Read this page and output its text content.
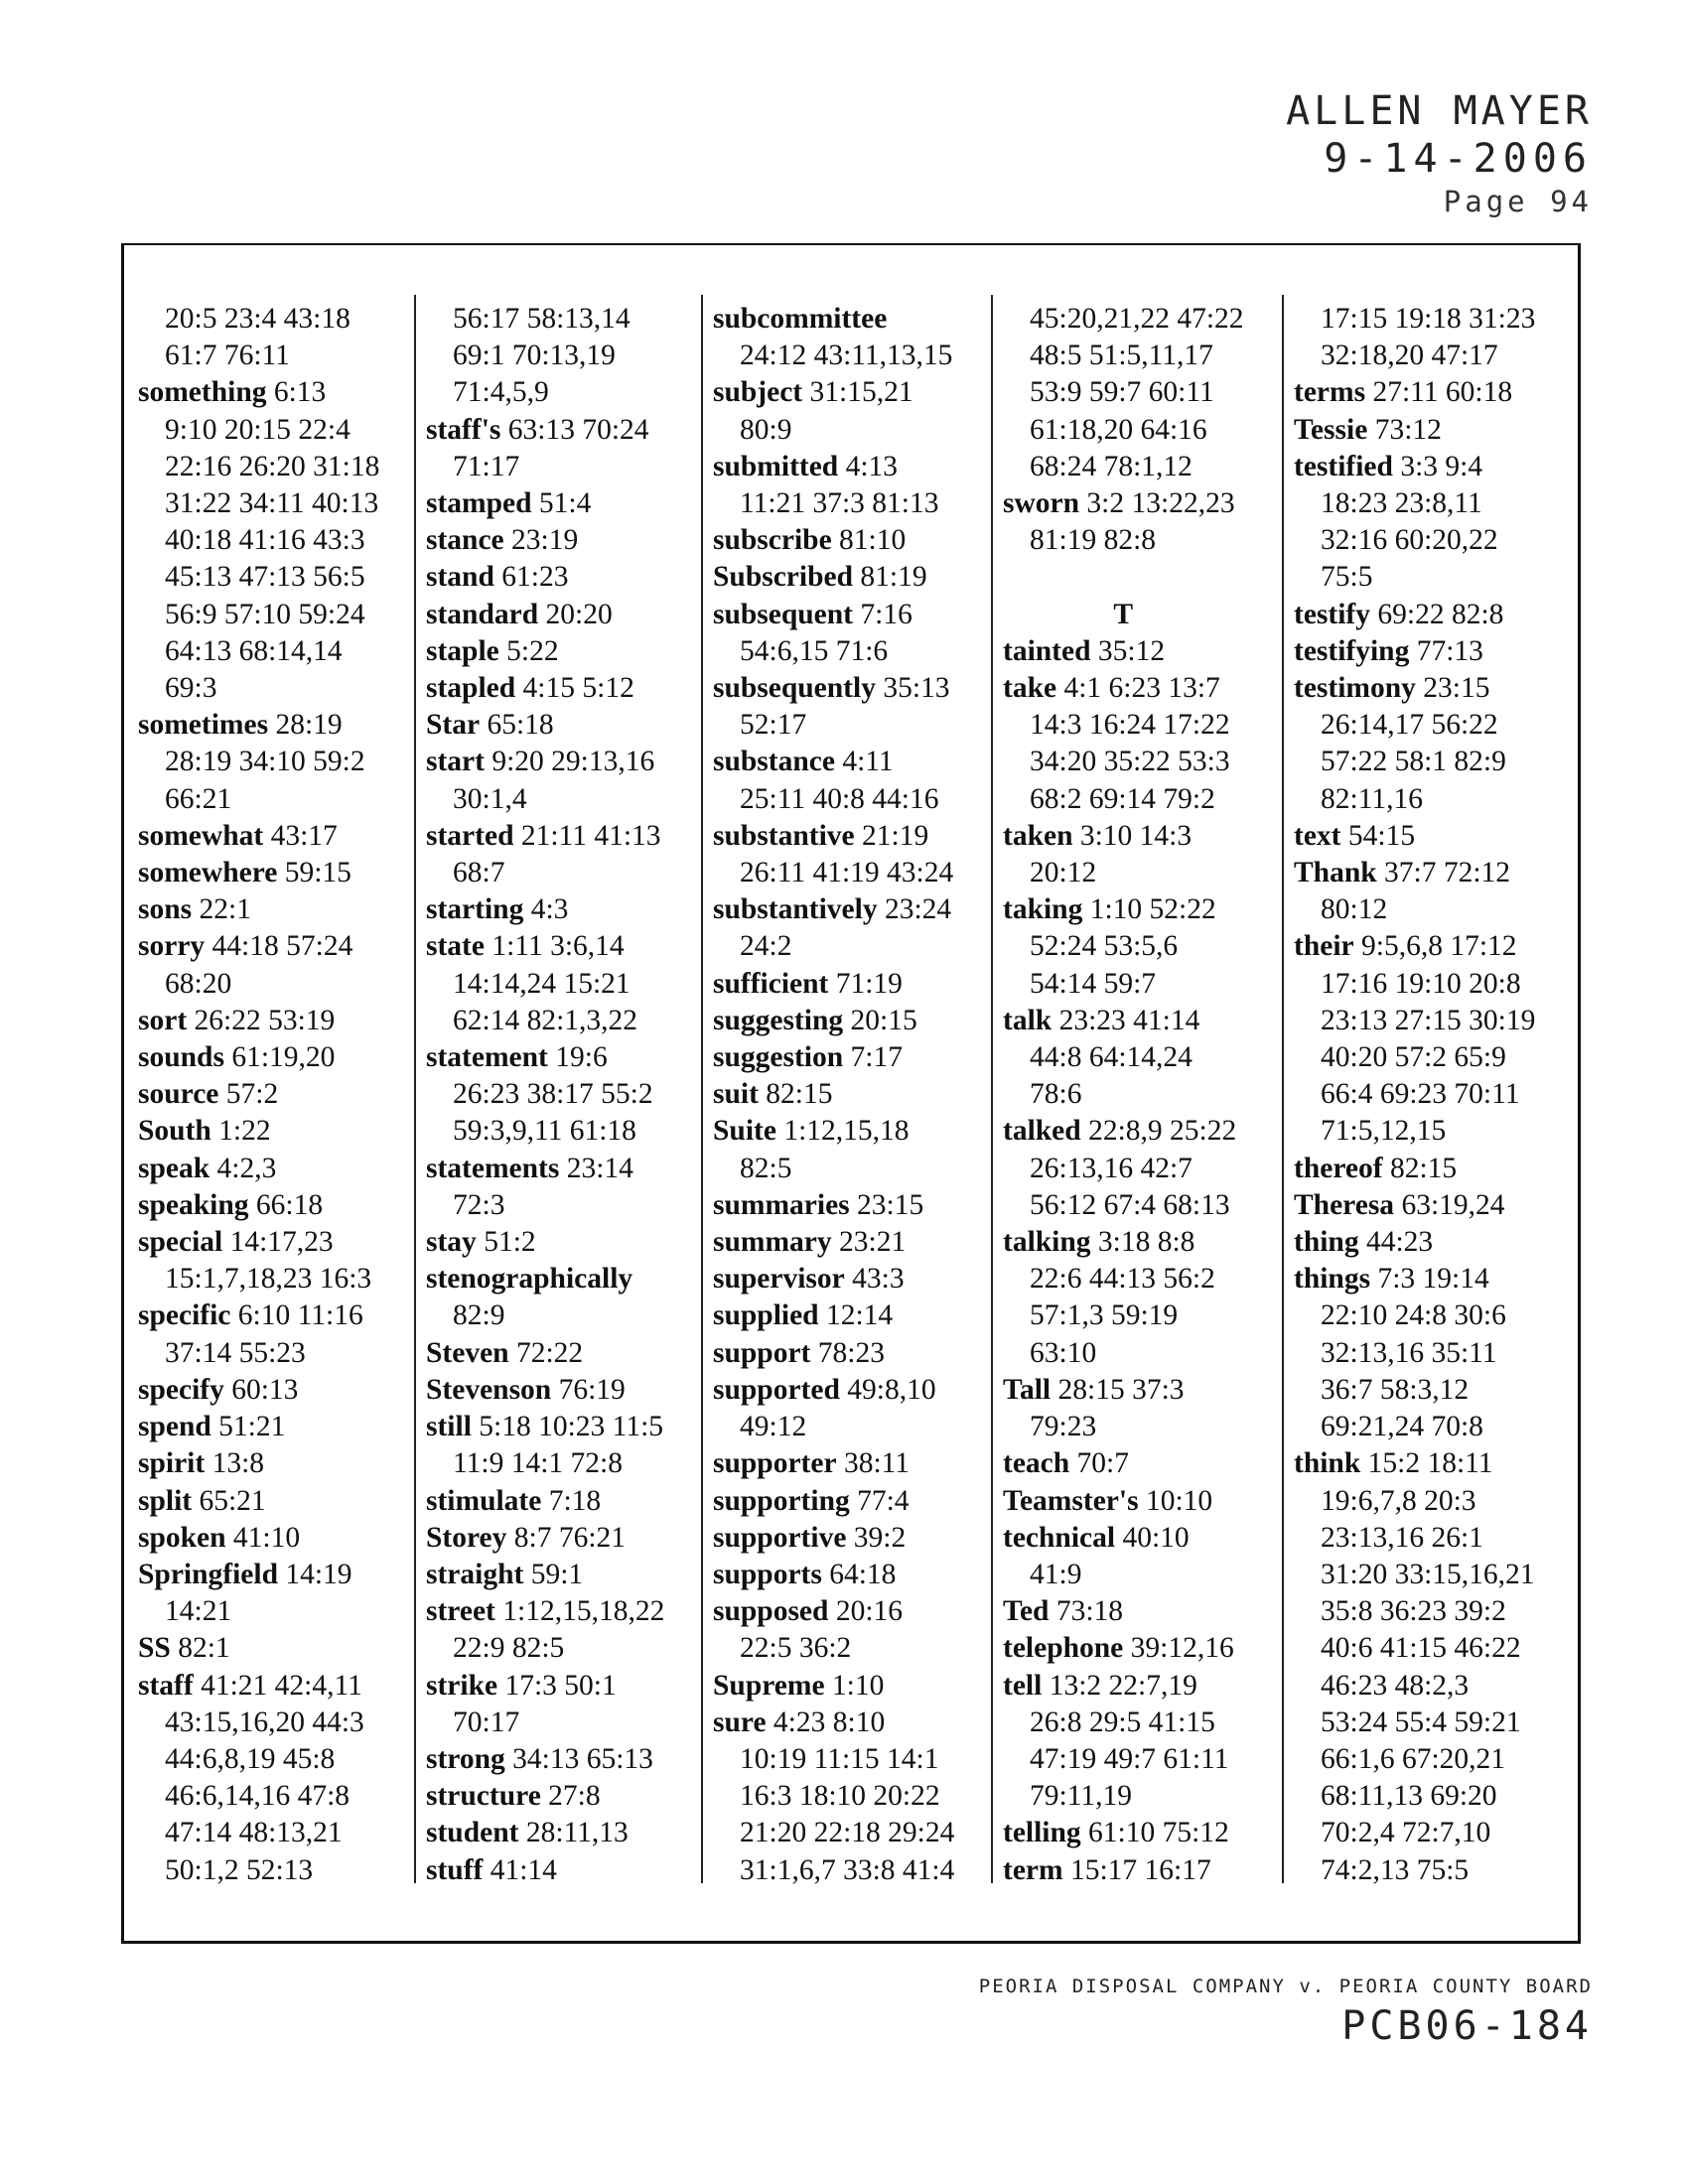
ALLEN MAYER
9-14-2006
Page 94
20:5 23:4 43:18
61:7 76:11
something 6:13
9:10 20:15 22:4
22:16 26:20 31:18
31:22 34:11 40:13
40:18 41:16 43:3
45:13 47:13 56:5
56:9 57:10 59:24
64:13 68:14,14
69:3
sometimes 28:19
28:19 34:10 59:2
66:21
somewhat 43:17
somewhere 59:15
sons 22:1
sorry 44:18 57:24
68:20
sort 26:22 53:19
sounds 61:19,20
source 57:2
South 1:22
speak 4:2,3
speaking 66:18
special 14:17,23
15:1,7,18,23 16:3
specific 6:10 11:16
37:14 55:23
specify 60:13
spend 51:21
spirit 13:8
split 65:21
spoken 41:10
Springfield 14:19
14:21
SS 82:1
staff 41:21 42:4,11
43:15,16,20 44:3
44:6,8,19 45:8
46:6,14,16 47:8
47:14 48:13,21
50:1,2 52:13
56:17 58:13,14
69:1 70:13,19
71:4,5,9
staff's 63:13 70:24
71:17
stamped 51:4
stance 23:19
stand 61:23
standard 20:20
staple 5:22
stapled 4:15 5:12
Star 65:18
start 9:20 29:13,16
30:1,4
started 21:11 41:13
68:7
starting 4:3
state 1:11 3:6,14
14:14,24 15:21
62:14 82:1,3,22
statement 19:6
26:23 38:17 55:2
59:3,9,11 61:18
statements 23:14
72:3
stay 51:2
stenographically
82:9
Steven 72:22
Stevenson 76:19
still 5:18 10:23 11:5
11:9 14:1 72:8
stimulate 7:18
Storey 8:7 76:21
straight 59:1
street 1:12,15,18,22
22:9 82:5
strike 17:3 50:1
70:17
strong 34:13 65:13
structure 27:8
student 28:11,13
stuff 41:14
subcommittee
24:12 43:11,13,15
subject 31:15,21
80:9
submitted 4:13
11:21 37:3 81:13
subscribe 81:10
Subscribed 81:19
subsequent 7:16
54:6,15 71:6
subsequently 35:13
52:17
substance 4:11
25:11 40:8 44:16
substantive 21:19
26:11 41:19 43:24
substantively 23:24
24:2
sufficient 71:19
suggesting 20:15
suggestion 7:17
suit 82:15
Suite 1:12,15,18
82:5
summaries 23:15
summary 23:21
supervisor 43:3
supplied 12:14
support 78:23
supported 49:8,10
49:12
supporter 38:11
supporting 77:4
supportive 39:2
supports 64:18
supposed 20:16
22:5 36:2
Supreme 1:10
sure 4:23 8:10
10:19 11:15 14:1
16:3 18:10 20:22
21:20 22:18 29:24
31:1,6,7 33:8 41:4
45:20,21,22 47:22
48:5 51:5,11,17
53:9 59:7 60:11
61:18,20 64:16
68:24 78:1,12
sworn 3:2 13:22,23
81:19 82:8

T
tainted 35:12
take 4:1 6:23 13:7
14:3 16:24 17:22
34:20 35:22 53:3
68:2 69:14 79:2
taken 3:10 14:3
20:12
taking 1:10 52:22
52:24 53:5,6
54:14 59:7
talk 23:23 41:14
44:8 64:14,24
78:6
talked 22:8,9 25:22
26:13,16 42:7
56:12 67:4 68:13
talking 3:18 8:8
22:6 44:13 56:2
57:1,3 59:19
63:10
Tall 28:15 37:3
79:23
teach 70:7
Teamster's 10:10
technical 40:10
41:9
Ted 73:18
telephone 39:12,16
tell 13:2 22:7,19
26:8 29:5 41:15
47:19 49:7 61:11
79:11,19
telling 61:10 75:12
term 15:17 16:17
17:15 19:18 31:23
32:18,20 47:17
terms 27:11 60:18
Tessie 73:12
testified 3:3 9:4
18:23 23:8,11
32:16 60:20,22
75:5
testify 69:22 82:8
testifying 77:13
testimony 23:15
26:14,17 56:22
57:22 58:1 82:9
82:11,16
text 54:15
Thank 37:7 72:12
80:12
their 9:5,6,8 17:12
17:16 19:10 20:8
23:13 27:15 30:19
40:20 57:2 65:9
66:4 69:23 70:11
71:5,12,15
thereof 82:15
Theresa 63:19,24
thing 44:23
things 7:3 19:14
22:10 24:8 30:6
32:13,16 35:11
36:7 58:3,12
69:21,24 70:8
think 15:2 18:11
19:6,7,8 20:3
23:13,16 26:1
31:20 33:15,16,21
35:8 36:23 39:2
40:6 41:15 46:22
46:23 48:2,3
53:24 55:4 59:21
66:1,6 67:20,21
68:11,13 69:20
70:2,4 72:7,10
74:2,13 75:5
PEORIA DISPOSAL COMPANY v. PEORIA COUNTY BOARD
PCB06-184
